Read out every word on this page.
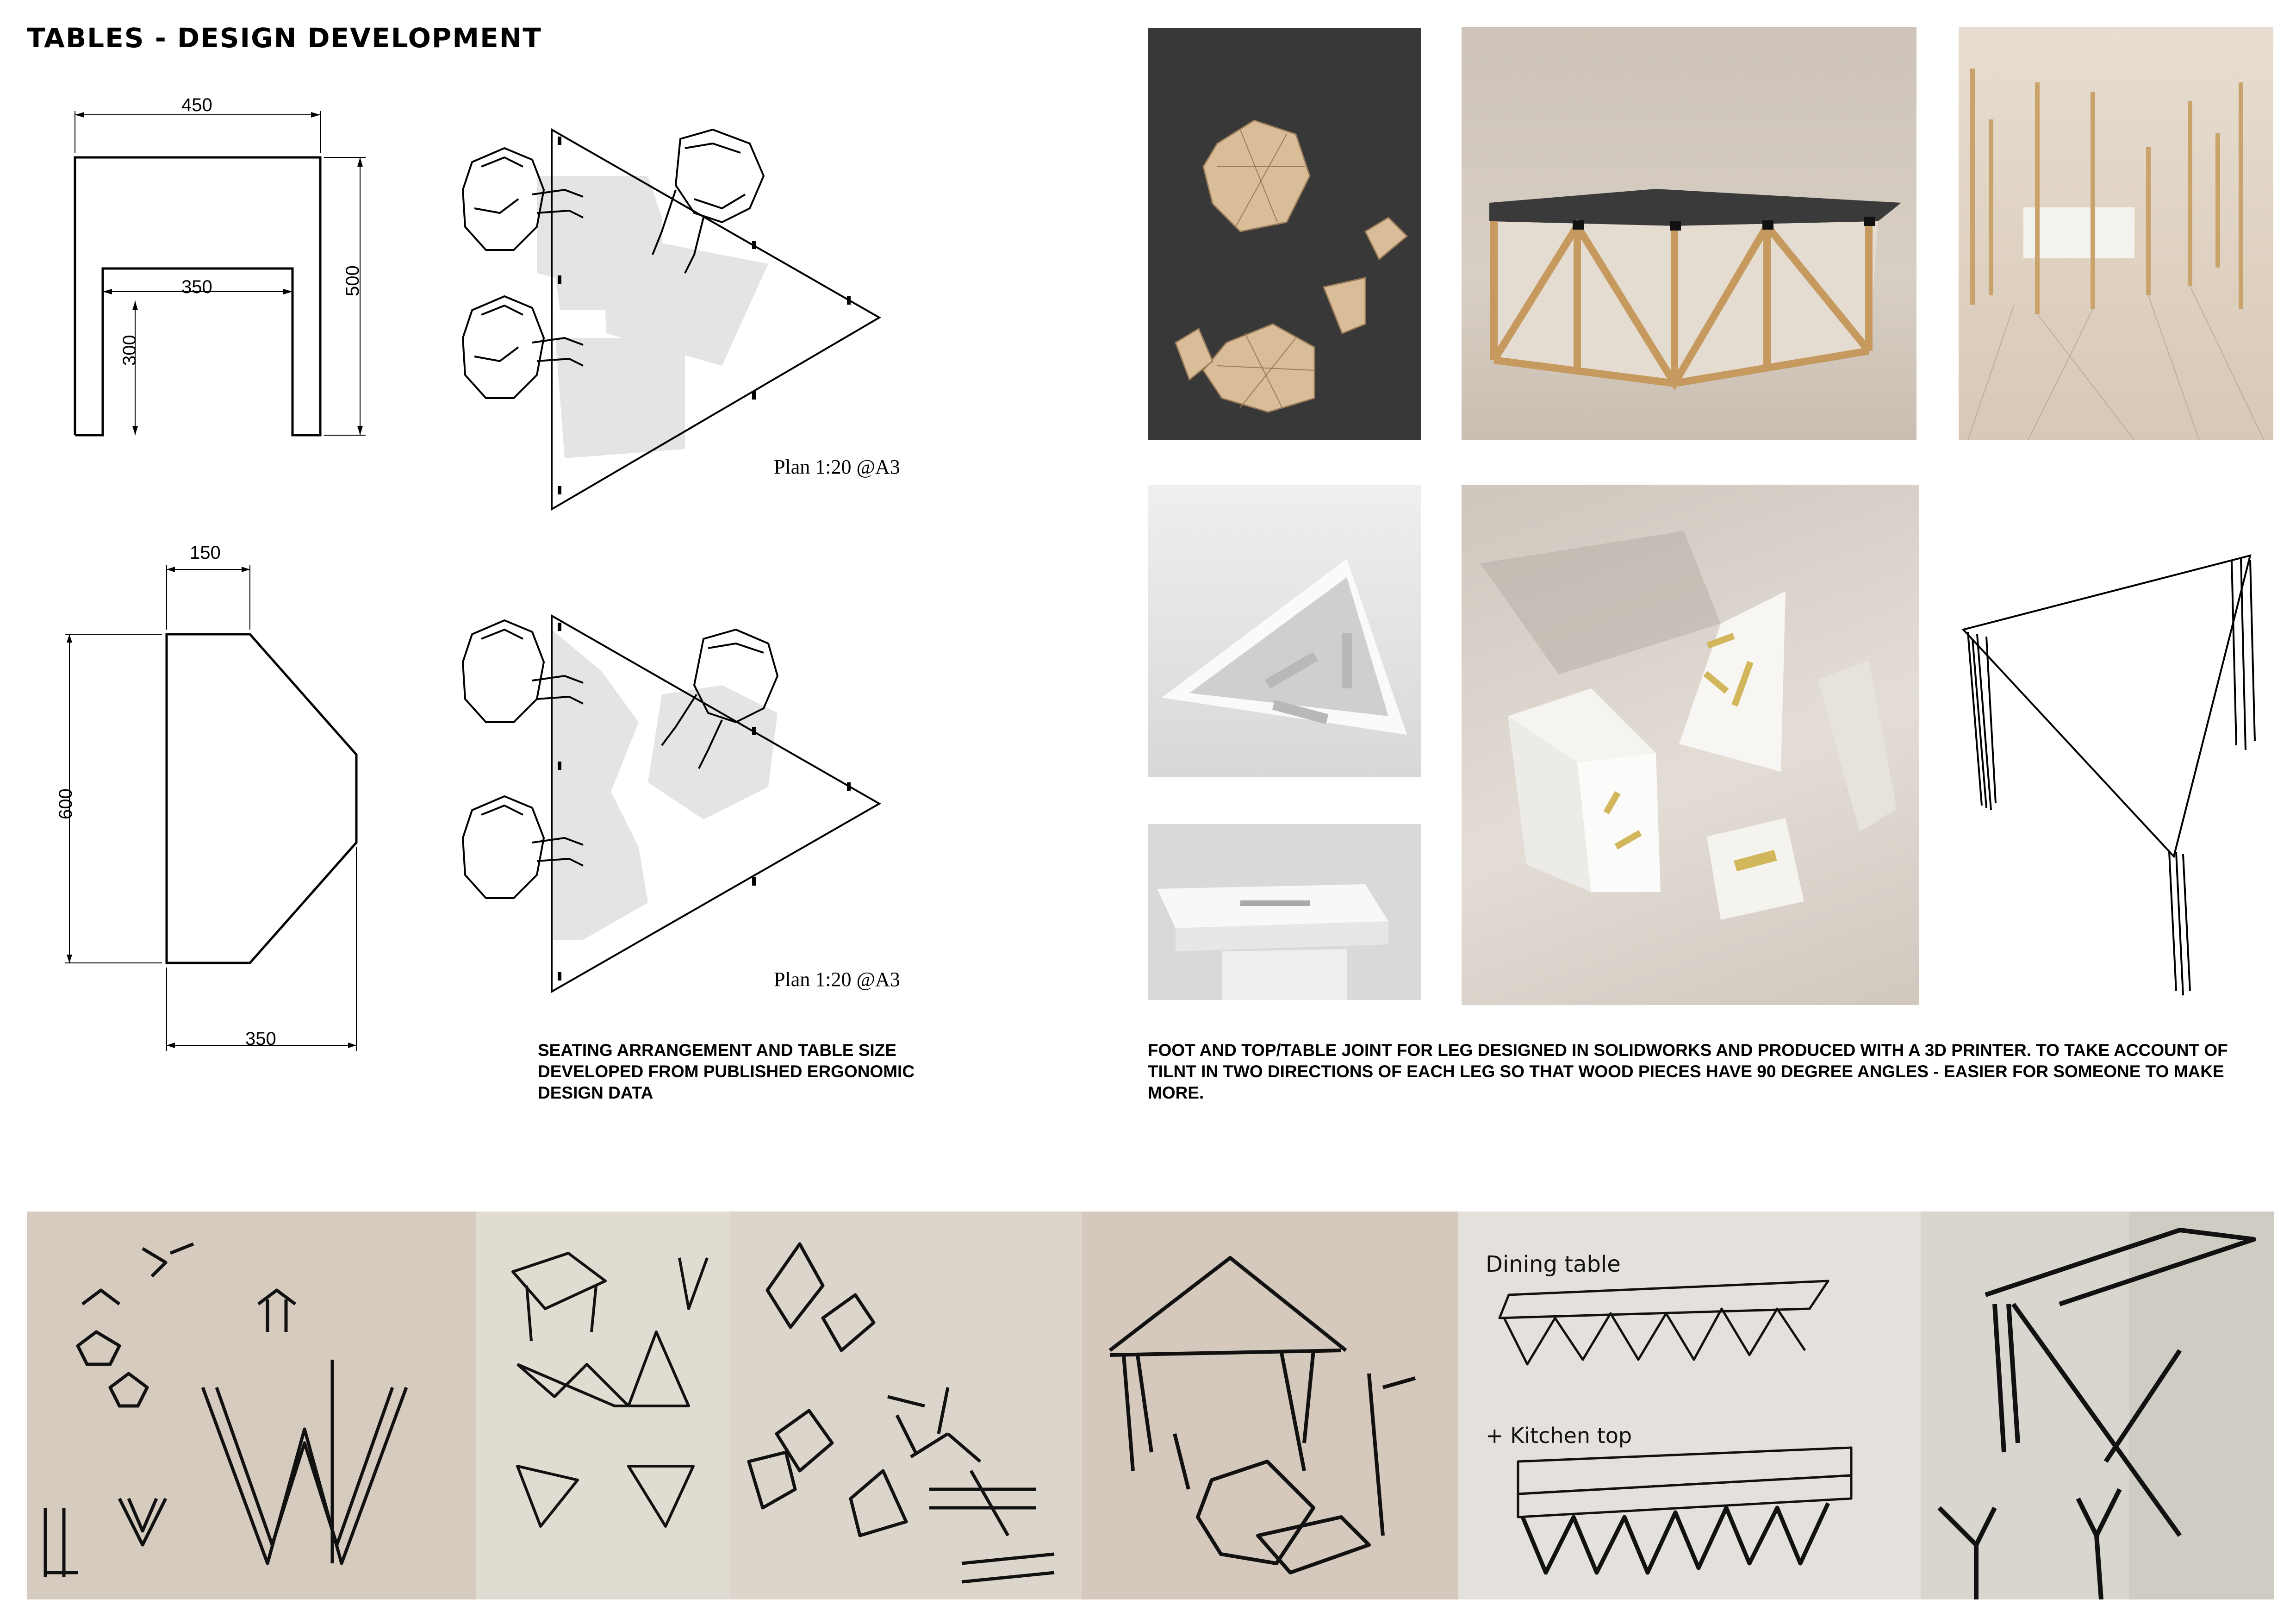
TABLES - DESIGN DEVELOPMENT
450
350	500
300
150
600
350
Plan 1:20 @A3
Plan 1:20 @A3
SEATING ARRANGEMENT AND TABLE SIZE DEVELOPED FROM PUBLISHED ERGONOMIC DESIGN DATA
FOOT AND TOP/TABLE JOINT FOR LEG DESIGNED IN SOLIDWORKS AND PRODUCED WITH A 3D PRINTER. TO TAKE ACCOUNT OF TILNT IN TWO DIRECTIONS OF EACH LEG SO THAT WOOD PIECES HAVE 90 DEGREE ANGLES - EASIER FOR SOMEONE TO MAKE MORE.
Dining table
+ Kitchen top
